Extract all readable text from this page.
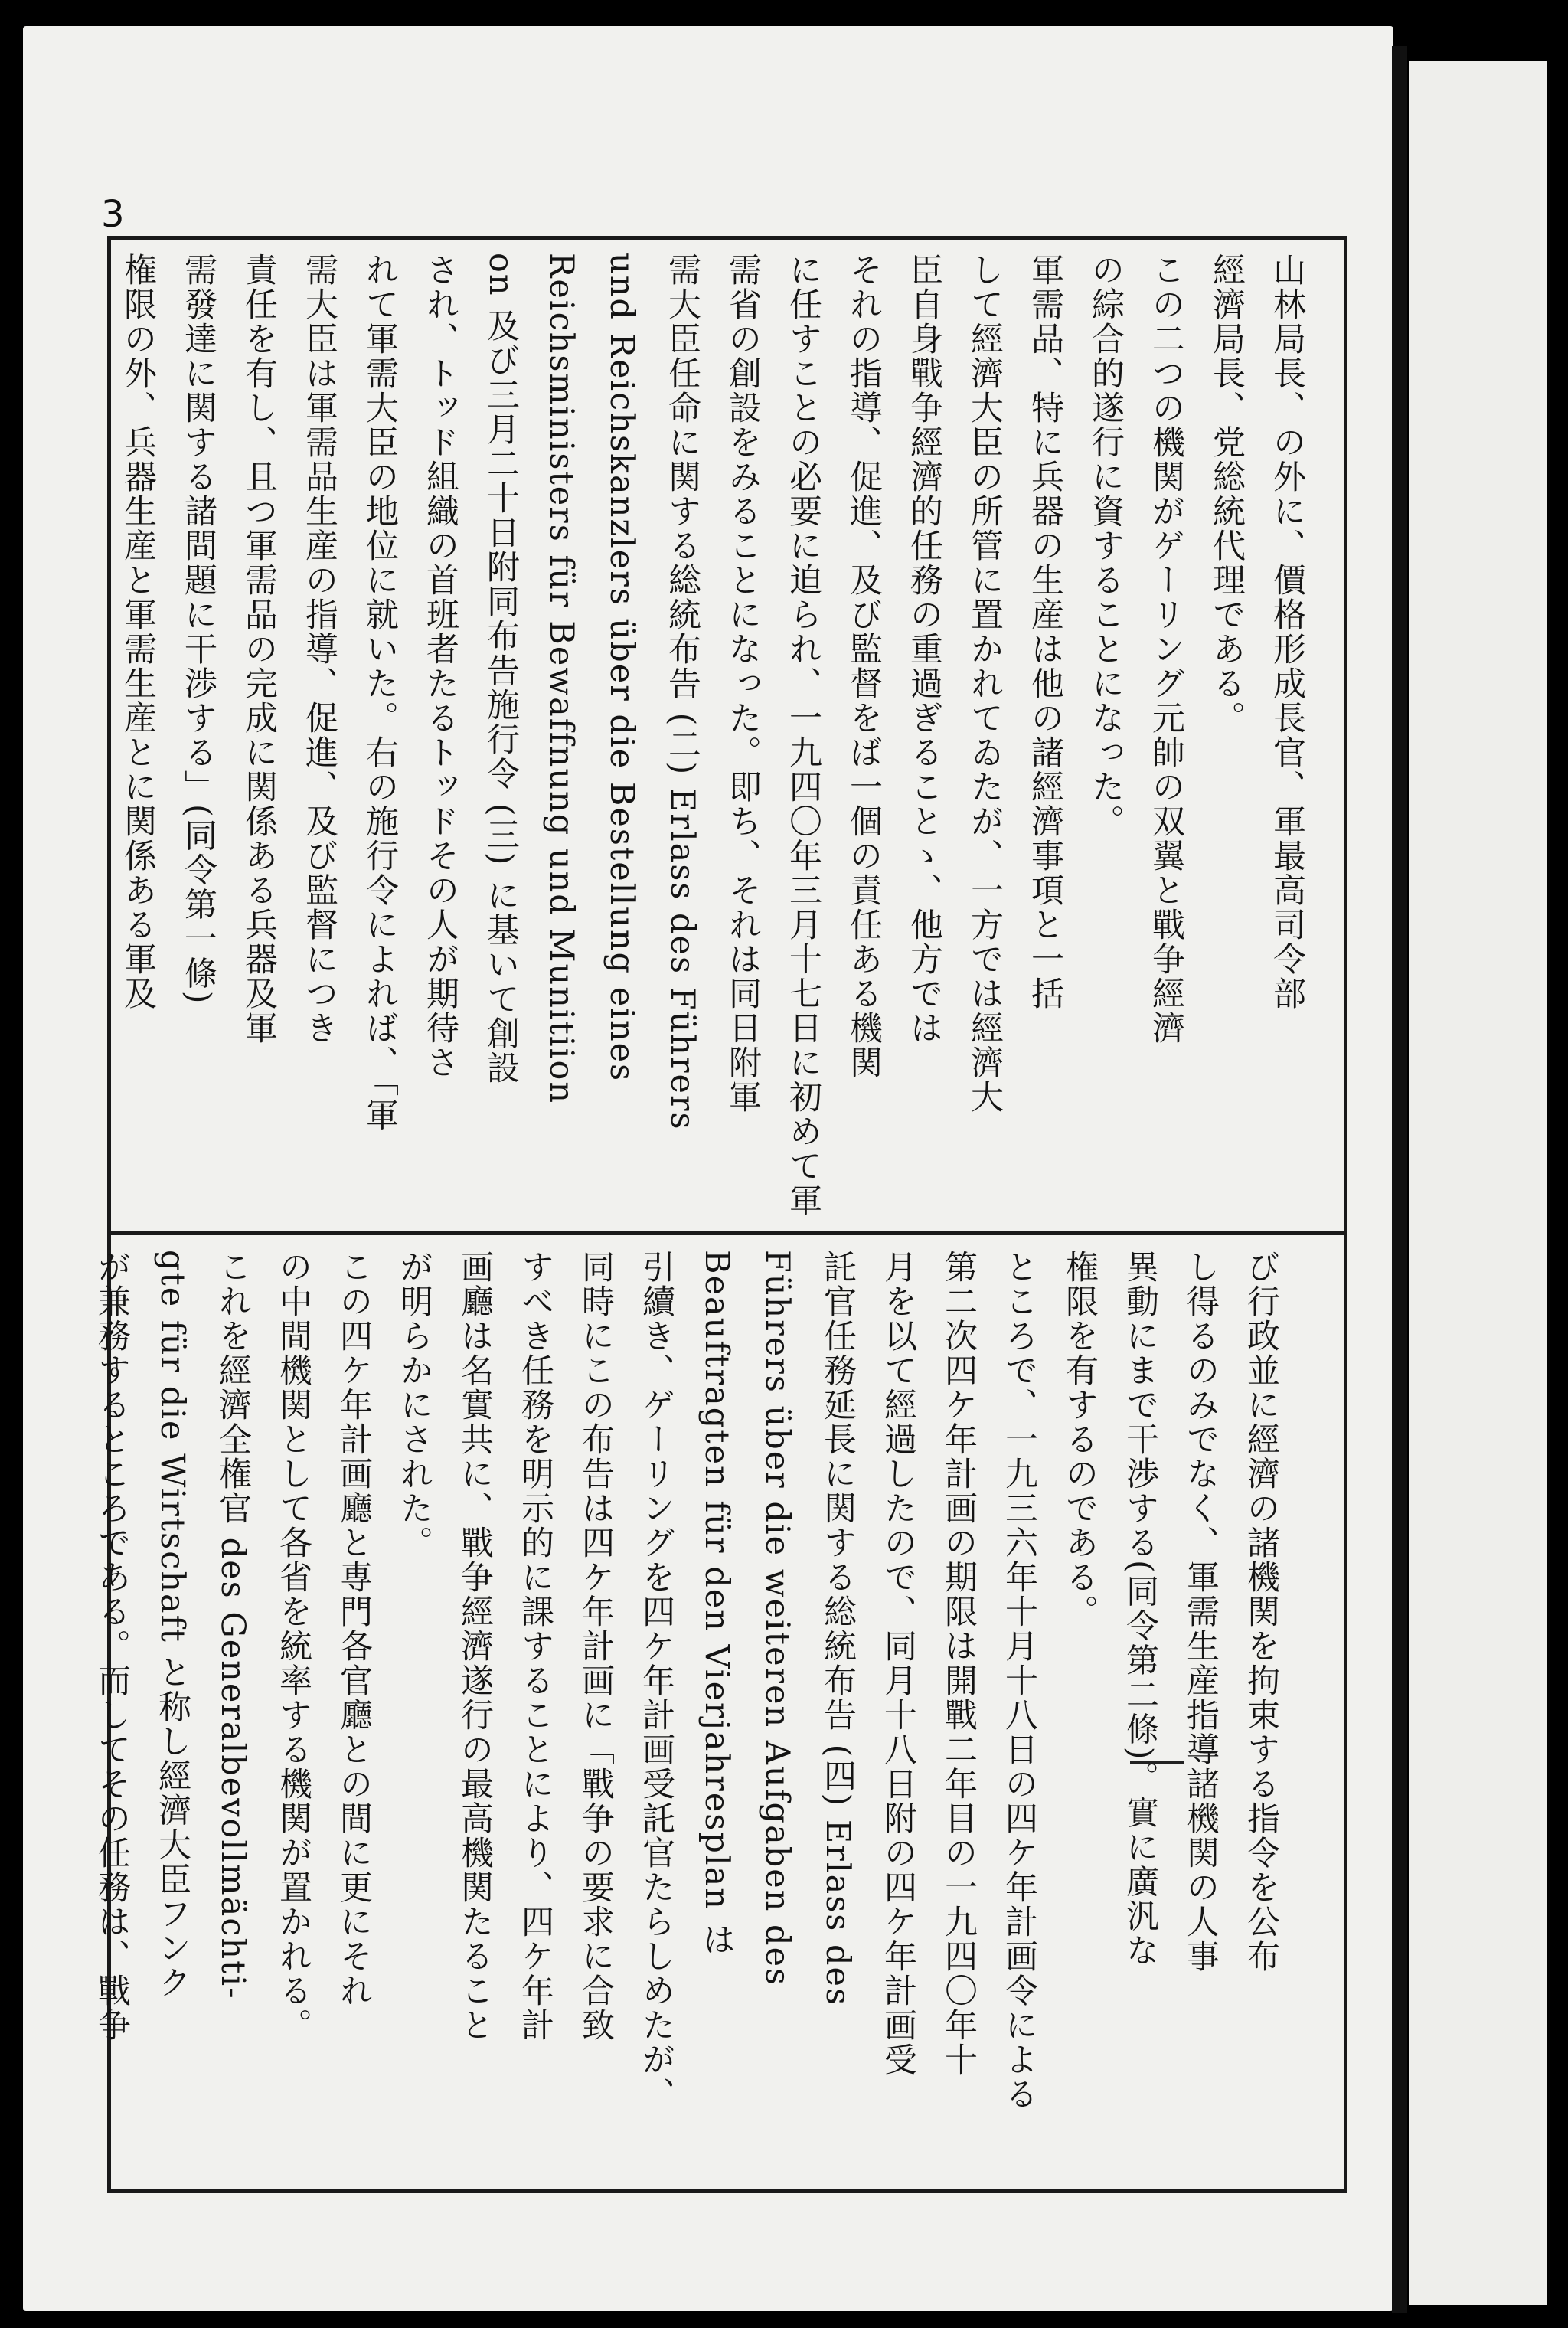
3
山林局長、の外に、價格形成長官、軍最高司令部
經濟局長、党総統代理である。
この二つの機関がゲーリング元帥の双翼と戰争經濟
の綜合的遂行に資することになった。
軍需品、特に兵器の生産は他の諸經濟事項と一括
して經濟大臣の所管に置かれてゐたが、一方では經濟大
臣自身戰争經濟的任務の重過ぎることゝ、他方では
それの指導、促進、及び監督をば一個の責任ある機関
に任すことの必要に迫られ、一九四〇年三月十七日に初めて軍
需省の創設をみることになった。即ち、それは同日附軍
需大臣任命に関する総統布告 (二) Erlass des Führers
und Reichskanzlers über die Bestellung eines
Reichsministers für Bewaffnung und Munitiion
on 及び三月二十日附同布告施行令 (三) に基いて創設
され、トッド組織の首班者たるトッドその人が期待さ
れて軍需大臣の地位に就いた。右の施行令によれば、「軍
需大臣は軍需品生産の指導、促進、及び監督につき
責任を有し、且つ軍需品の完成に関係ある兵器及軍
需發達に関する諸問題に干渉する」(同令第一條)
権限の外、兵器生産と軍需生産とに関係ある軍及
び行政並に經濟の諸機関を拘束する指令を公布
し得るのみでなく、軍需生産指導諸機関の人事
異動にまで干渉する(同令第二條)。實に廣汎な
権限を有するのである。
ところで、一九三六年十月十八日の四ケ年計画令による
第二次四ケ年計画の期限は開戰二年目の一九四〇年十
月を以て經過したので、同月十八日附の四ケ年計画受
託官任務延長に関する総統布告 (四) Erlass des
Führers über die weiteren Aufgaben des
Beauftragten für den Vierjahresplan は
引續き、ゲーリングを四ケ年計画受託官たらしめたが、
同時にこの布告は四ケ年計画に「戰争の要求に合致
すべき任務を明示的に課することにより、四ケ年計
画廳は名實共に、戰争經濟遂行の最高機関たること
が明らかにされた。
この四ケ年計画廳と専門各官廳との間に更にそれ
の中間機関として各省を統率する機関が置かれる。
これを經濟全権官 des Generalbevollmächti-
gte für die Wirtschaft と称し經濟大臣フンク
が兼務するところである。而してその任務は、戰争
